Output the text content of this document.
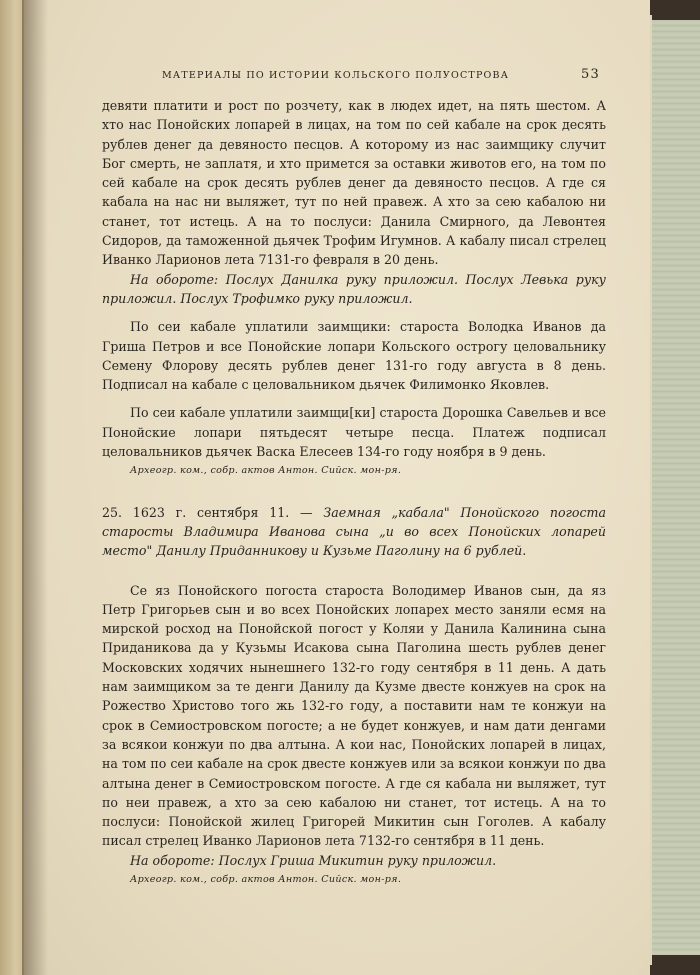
МАТЕРИАЛЫ ПО ИСТОРИИ КОЛЬСКОГО ПОЛУОСТРОВА	53

девяти платити и рост по розчету, как в людех идет, на пять шестом. А хто нас Понойских лопарей в лицах, на том по сей кабале на срок десять рублев денег да девяносто песцов. А которому из нас заимщику случит Бог смерть, не заплатя, и хто примется за оставки животов его, на том по сей кабале на срок десять рублев денег да девяносто песцов. А где ся кабала на нас ни выляжет, тут по ней правеж. А хто за сею кабалою ни станет, тот истець. А на то послуси: Данила Смирного, да Левонтея Сидоров, да таможенной дьячек Трофим Игумнов. А кабалу писал стрелец Иванко Ларионов лета 7131-го февраля в 20 день.

На обороте: Послух Данилка руку приложил. Послух Левька руку приложил. Послух Трофимко руку приложил.

По сеи кабале уплатили заимщики: староста Володка Иванов да Гриша Петров и все Понойские лопари Кольского острогу целовальнику Семену Флорову десять рублев денег 131-го году августа в 8 день. Подписал на кабале с целовальником дьячек Филимонко Яковлев.

По сеи кабале уплатили заимщи[ки] староста Дорошка Савельев и все Понойские лопари пятьдесят четыре песца. Платеж подписал целовальников дьячек Васка Елесеев 134-го году ноября в 9 день.

Археогр. ком., собр. актов Антон. Сийск. мон-ря.

25. 1623 г. сентября 11. — Заемная „кабала" Понойского погоста старосты Владимира Иванова сына „и во всех Понойских лопарей место" Данилу Приданникову и Кузьме Паголину на 6 рублей.

Се яз Понойского погоста староста Володимер Иванов сын, да яз Петр Григорьев сын и во всех Понойских лопарех место заняли есмя на мирской росход на Понойской погост у Коляи у Данила Калинина сына Приданикова да у Кузьмы Исакова сына Паголина шесть рублев денег Московских ходячих нынешнего 132-го году сентября в 11 день. А дать нам заимщиком за те денги Данилу да Кузме двесте конжуев на срок на Рожество Христово того жь 132-го году, а поставити нам те конжуи на срок в Семиостровском погосте; а не будет конжуев, и нам дати денгами за всякои конжуи по два алтына. А кои нас, Понойских лопарей в лицах, на том по сеи кабале на срок двесте конжуев или за всякои конжуи по два алтына денег в Семиостровском погосте. А где ся кабала ни выляжет, тут по неи правеж, а хто за сею кабалою ни станет, тот истець. А на то послуси: Понойской жилец Григорей Микитин сын Гоголев. А кабалу писал стрелец Иванко Ларионов лета 7132-го сентября в 11 день.

На обороте: Послух Гриша Микитин руку приложил.

Археогр. ком., собр. актов Антон. Сийск. мон-ря.
